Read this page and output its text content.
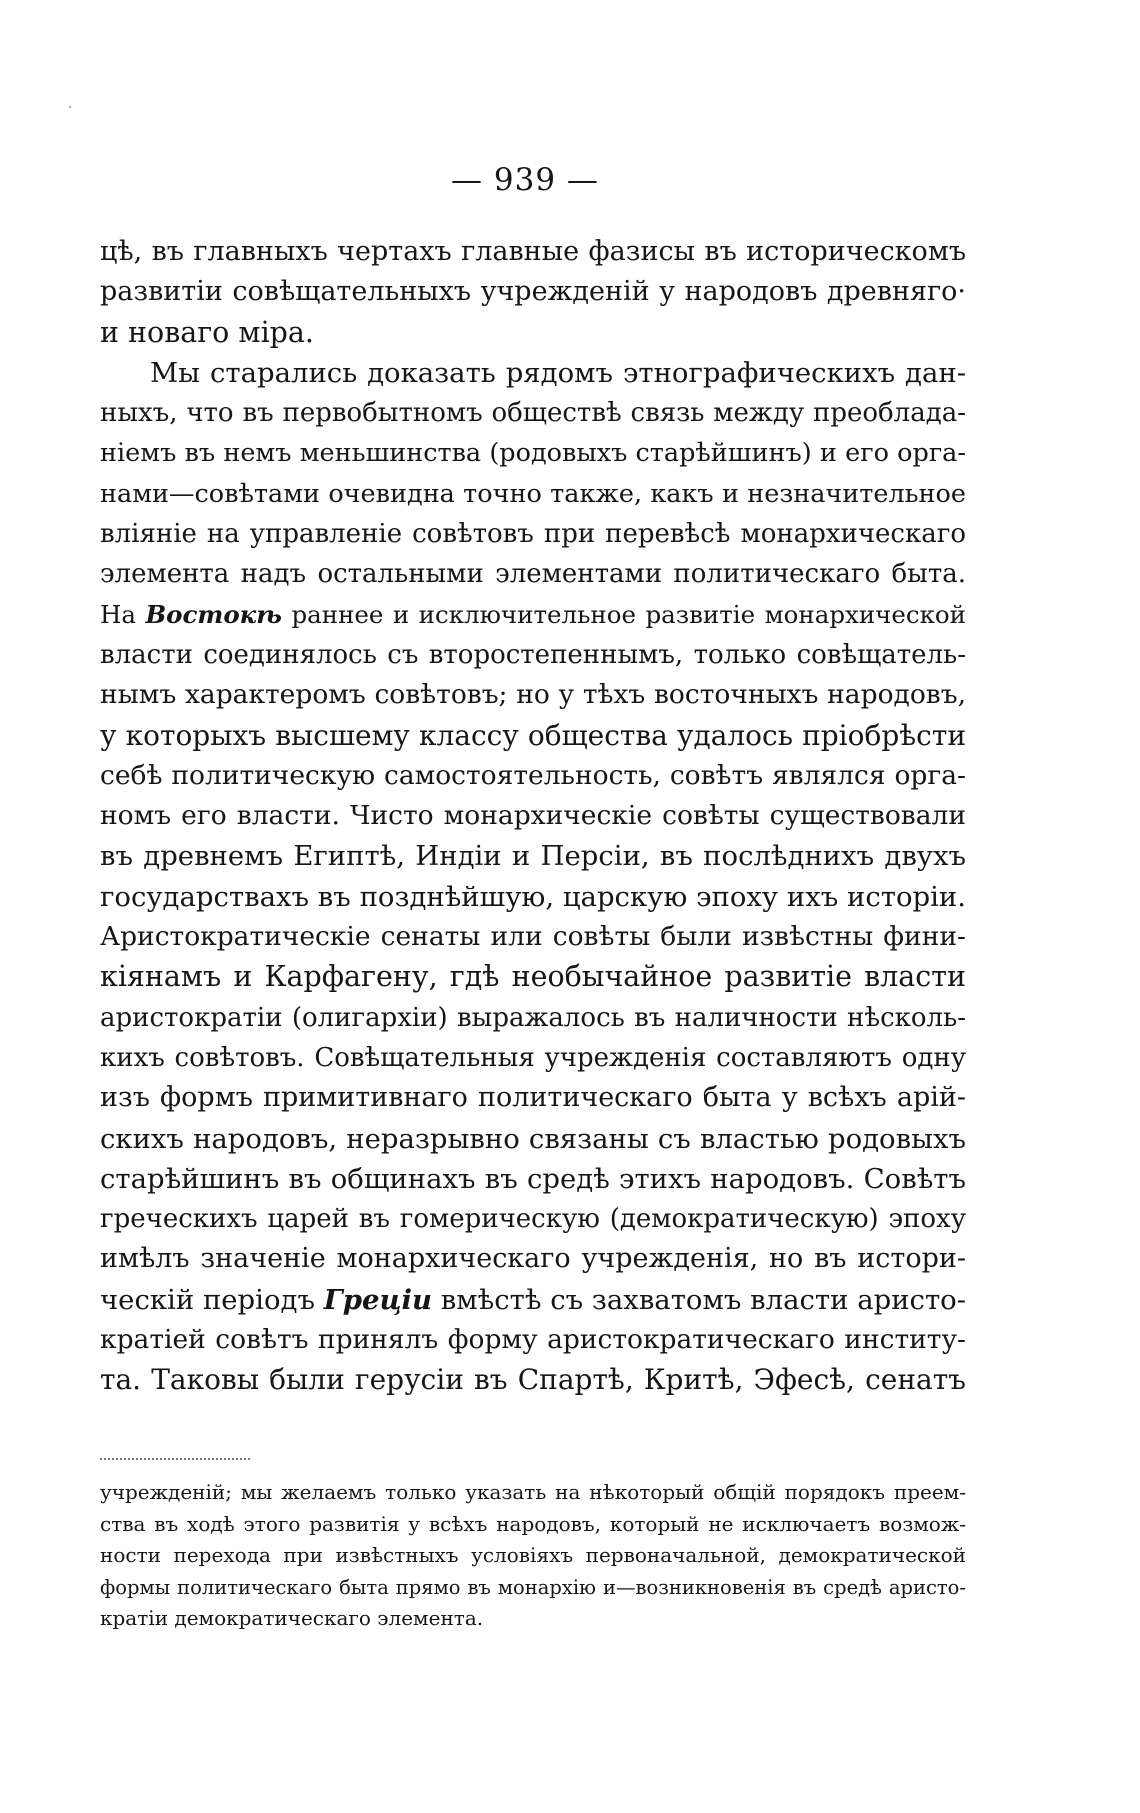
— 939 —
цѣ, въ главныхъ чертахъ главные фазисы въ историческомъ
развитіи совѣщательныхъ учрежденій у народовъ древняго·
и новаго міра.
Мы старались доказать рядомъ этнографическихъ дан-
ныхъ, что въ первобытномъ обществѣ связь между преоблада-
ніемъ въ немъ меньшинства (родовыхъ старѣйшинъ) и его орга-
нами—совѣтами очевидна точно также, какъ и незначительное
вліяніе на управленіе совѣтовъ при перевѣсѣ монархическаго
элемента надъ остальными элементами политическаго быта.
На Востокѣ раннее и исключительное развитіе монархической
власти соединялось съ второстепеннымъ, только совѣщатель-
нымъ характеромъ совѣтовъ; но у тѣхъ восточныхъ народовъ,
у которыхъ высшему классу общества удалось пріобрѣсти
себѣ политическую самостоятельность, совѣтъ являлся орга-
номъ его власти. Чисто монархическіе совѣты существовали
въ древнемъ Египтѣ, Индіи и Персіи, въ послѣднихъ двухъ
государствахъ въ позднѣйшую, царскую эпоху ихъ исторіи.
Аристократическіе сенаты или совѣты были извѣстны фини-
кіянамъ и Карфагену, гдѣ необычайное развитіе власти
аристократіи (олигархіи) выражалось въ наличности нѣсколь-
кихъ совѣтовъ. Совѣщательныя учрежденія составляютъ одну
изъ формъ примитивнаго политическаго быта у всѣхъ арій-
скихъ народовъ, неразрывно связаны съ властью родовыхъ
старѣйшинъ въ общинахъ въ средѣ этихъ народовъ. Совѣтъ
греческихъ царей въ гомерическую (демократическую) эпоху
имѣлъ значеніе монархическаго учрежденія, но въ истори-
ческій періодъ Греціи вмѣстѣ съ захватомъ власти аристо-
кратіей совѣтъ принялъ форму аристократическаго институ-
та. Таковы были герусіи въ Спартѣ, Критѣ, Эфесѣ, сенатъ
учрежденій; мы желаемъ только указать на нѣкоторый общій порядокъ преем-
ства въ ходѣ этого развитія у всѣхъ народовъ, который не исключаетъ возмож-
ности перехода при извѣстныхъ условіяхъ первоначальной, демократической
формы политическаго быта прямо въ монархію и—возникновенія въ средѣ аристо-
кратіи демократическаго элемента.
